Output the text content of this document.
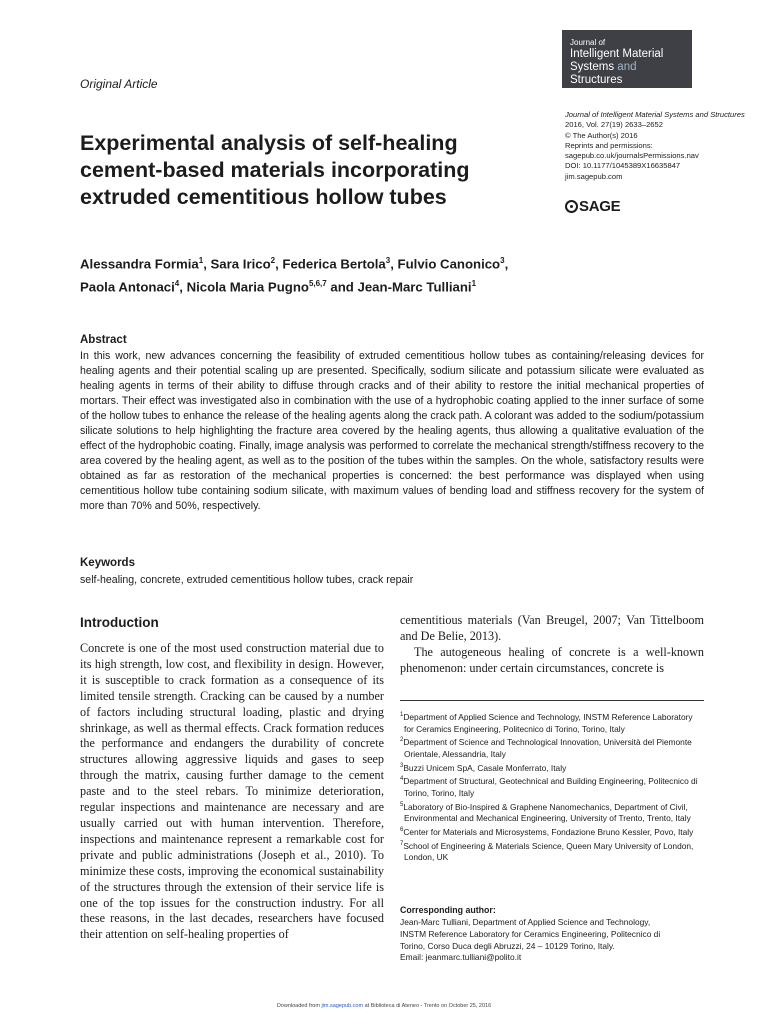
Original Article
Journal of
Intelligent Material
Systems and Structures
Journal of Intelligent Material Systems and Structures
2016, Vol. 27(19) 2633–2652
© The Author(s) 2016
Reprints and permissions:
sagepub.co.uk/journalsPermissions.nav
DOI: 10.1177/1045389X16635847
jim.sagepub.com
SAGE
Experimental analysis of self-healing cement-based materials incorporating extruded cementitious hollow tubes
Alessandra Formia$^1$, Sara Irico$^2$, Federica Bertola$^3$, Fulvio Canonico$^3$,
Paola Antonaci$^4$, Nicola Maria Pugno$^{5,6,7}$ and Jean-Marc Tulliani$^1$
Abstract
In this work, new advances concerning the feasibility of extruded cementitious hollow tubes as containing/releasing devices for healing agents and their potential scaling up are presented. Specifically, sodium silicate and potassium silicate were evaluated as healing agents in terms of their ability to diffuse through cracks and of their ability to restore the initial mechanical properties of mortars. Their effect was investigated also in combination with the use of a hydrophobic coating applied to the inner surface of some of the hollow tubes to enhance the release of the healing agents along the crack path. A colorant was added to the sodium/potassium silicate solutions to help highlighting the fracture area covered by the healing agents, thus allowing a qualitative evaluation of the effect of the hydrophobic coating. Finally, image analysis was performed to correlate the mechanical strength/stiffness recovery to the area covered by the healing agent, as well as to the position of the tubes within the samples. On the whole, satisfactory results were obtained as far as restoration of the mechanical properties is concerned: the best performance was displayed when using cementitious hollow tube containing sodium silicate, with maximum values of bending load and stiffness recovery for the system of more than 70% and 50%, respectively.
Keywords
self-healing, concrete, extruded cementitious hollow tubes, crack repair
Introduction

Concrete is one of the most used construction material due to its high strength, low cost, and flexibility in design. However, it is susceptible to crack formation as a consequence of its limited tensile strength. Cracking can be caused by a number of factors including structural loading, plastic and drying shrinkage, as well as thermal effects. Crack formation reduces the performance and endangers the durability of concrete structures allowing aggressive liquids and gases to seep through the matrix, causing further damage to the cement paste and to the steel rebars. To minimize deterioration, regular inspections and maintenance are necessary and are usually carried out with human intervention. Therefore, inspections and maintenance represent a remarkable cost for private and public administrations (Joseph et al., 2010). To minimize these costs, improving the economical sustainability of the structures through the extension of their service life is one of the top issues for the construction industry. For all these reasons, in the last decades, researchers have focused their attention on self-healing properties of

cementitious materials (Van Breugel, 2007; Van Tittelboom and De Belie, 2013).

The autogeneous healing of concrete is a well-known phenomenon: under certain circumstances, concrete is

$^1$Department of Applied Science and Technology, INSTM Reference Laboratory for Ceramics Engineering, Politecnico di Torino, Torino, Italy
$^2$Department of Science and Technological Innovation, Università del Piemonte Orientale, Alessandria, Italy
$^3$Buzzi Unicem SpA, Casale Monferrato, Italy
$^4$Department of Structural, Geotechnical and Building Engineering, Politecnico di Torino, Torino, Italy
$^5$Laboratory of Bio-Inspired & Graphene Nanomechanics, Department of Civil, Environmental and Mechanical Engineering, University of Trento, Trento, Italy
$^6$Center for Materials and Microsystems, Fondazione Bruno Kessler, Povo, Italy
$^7$School of Engineering & Materials Science, Queen Mary University of London, London, UK
Corresponding author:
Jean-Marc Tulliani, Department of Applied Science and Technology,
INSTM Reference Laboratory for Ceramics Engineering, Politecnico di
Torino, Corso Duca degli Abruzzi, 24 – 10129 Torino, Italy.
Email: jeanmarc.tulliani@polito.it
Downloaded from jim.sagepub.com at Biblioteca di Ateneo - Trento on October 25, 2016
